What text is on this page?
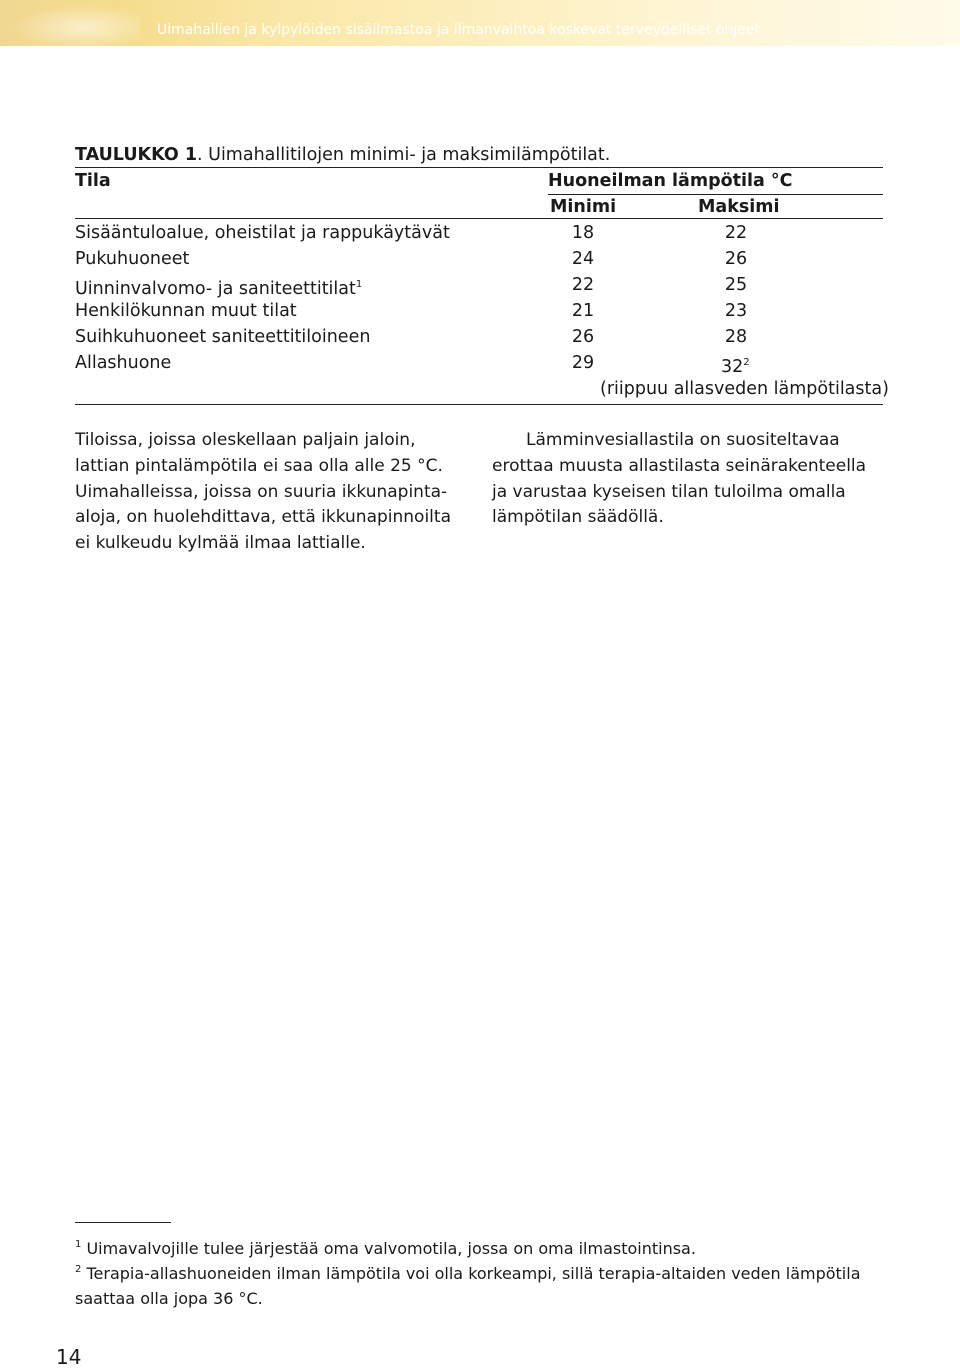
Uimahallien ja kylpylöiden sisäilmastoa ja ilmanvaihtoa koskevat terveydelliset ohjeet
TAULUKKO 1. Uimahallitilojen minimi- ja maksimilämpötilat.
Tila	Huoneilman lämpötila °C
Minimi	Maksimi
Sisääntuloalue, oheistilat ja rappukäytävät	18	22
Pukuhuoneet	24	26
Uinninvalvomo- ja saniteettitilat$^1$	22	25
Henkilökunnan muut tilat	21	23
Suihkuhuoneet saniteettitiloineen	26	28
Allashuone	29	$32^2$
(riippuu allasveden lämpötilasta)
Tiloissa, joissa oleskellaan paljain jaloin, lattian pintalämpötila ei saa olla alle 25 °C. Uimahalleissa, joissa on suuria ikkunapinta-aloja, on huolehdittava, että ikkunapinnoilta ei kulkeudu kylmää ilmaa lattialle.
Lämminvesiallastila on suositeltavaa erottaa muusta allastilasta seinärakenteella ja varustaa kyseisen tilan tuloilma omalla lämpötilan säädöllä.
$^1$ Uimavalvojille tulee järjestää oma valvomotila, jossa on oma ilmastointinsa.
$^2$ Terapia-allashuoneiden ilman lämpötila voi olla korkeampi, sillä terapia-altaiden veden lämpötila saattaa olla jopa 36 °C.
14
